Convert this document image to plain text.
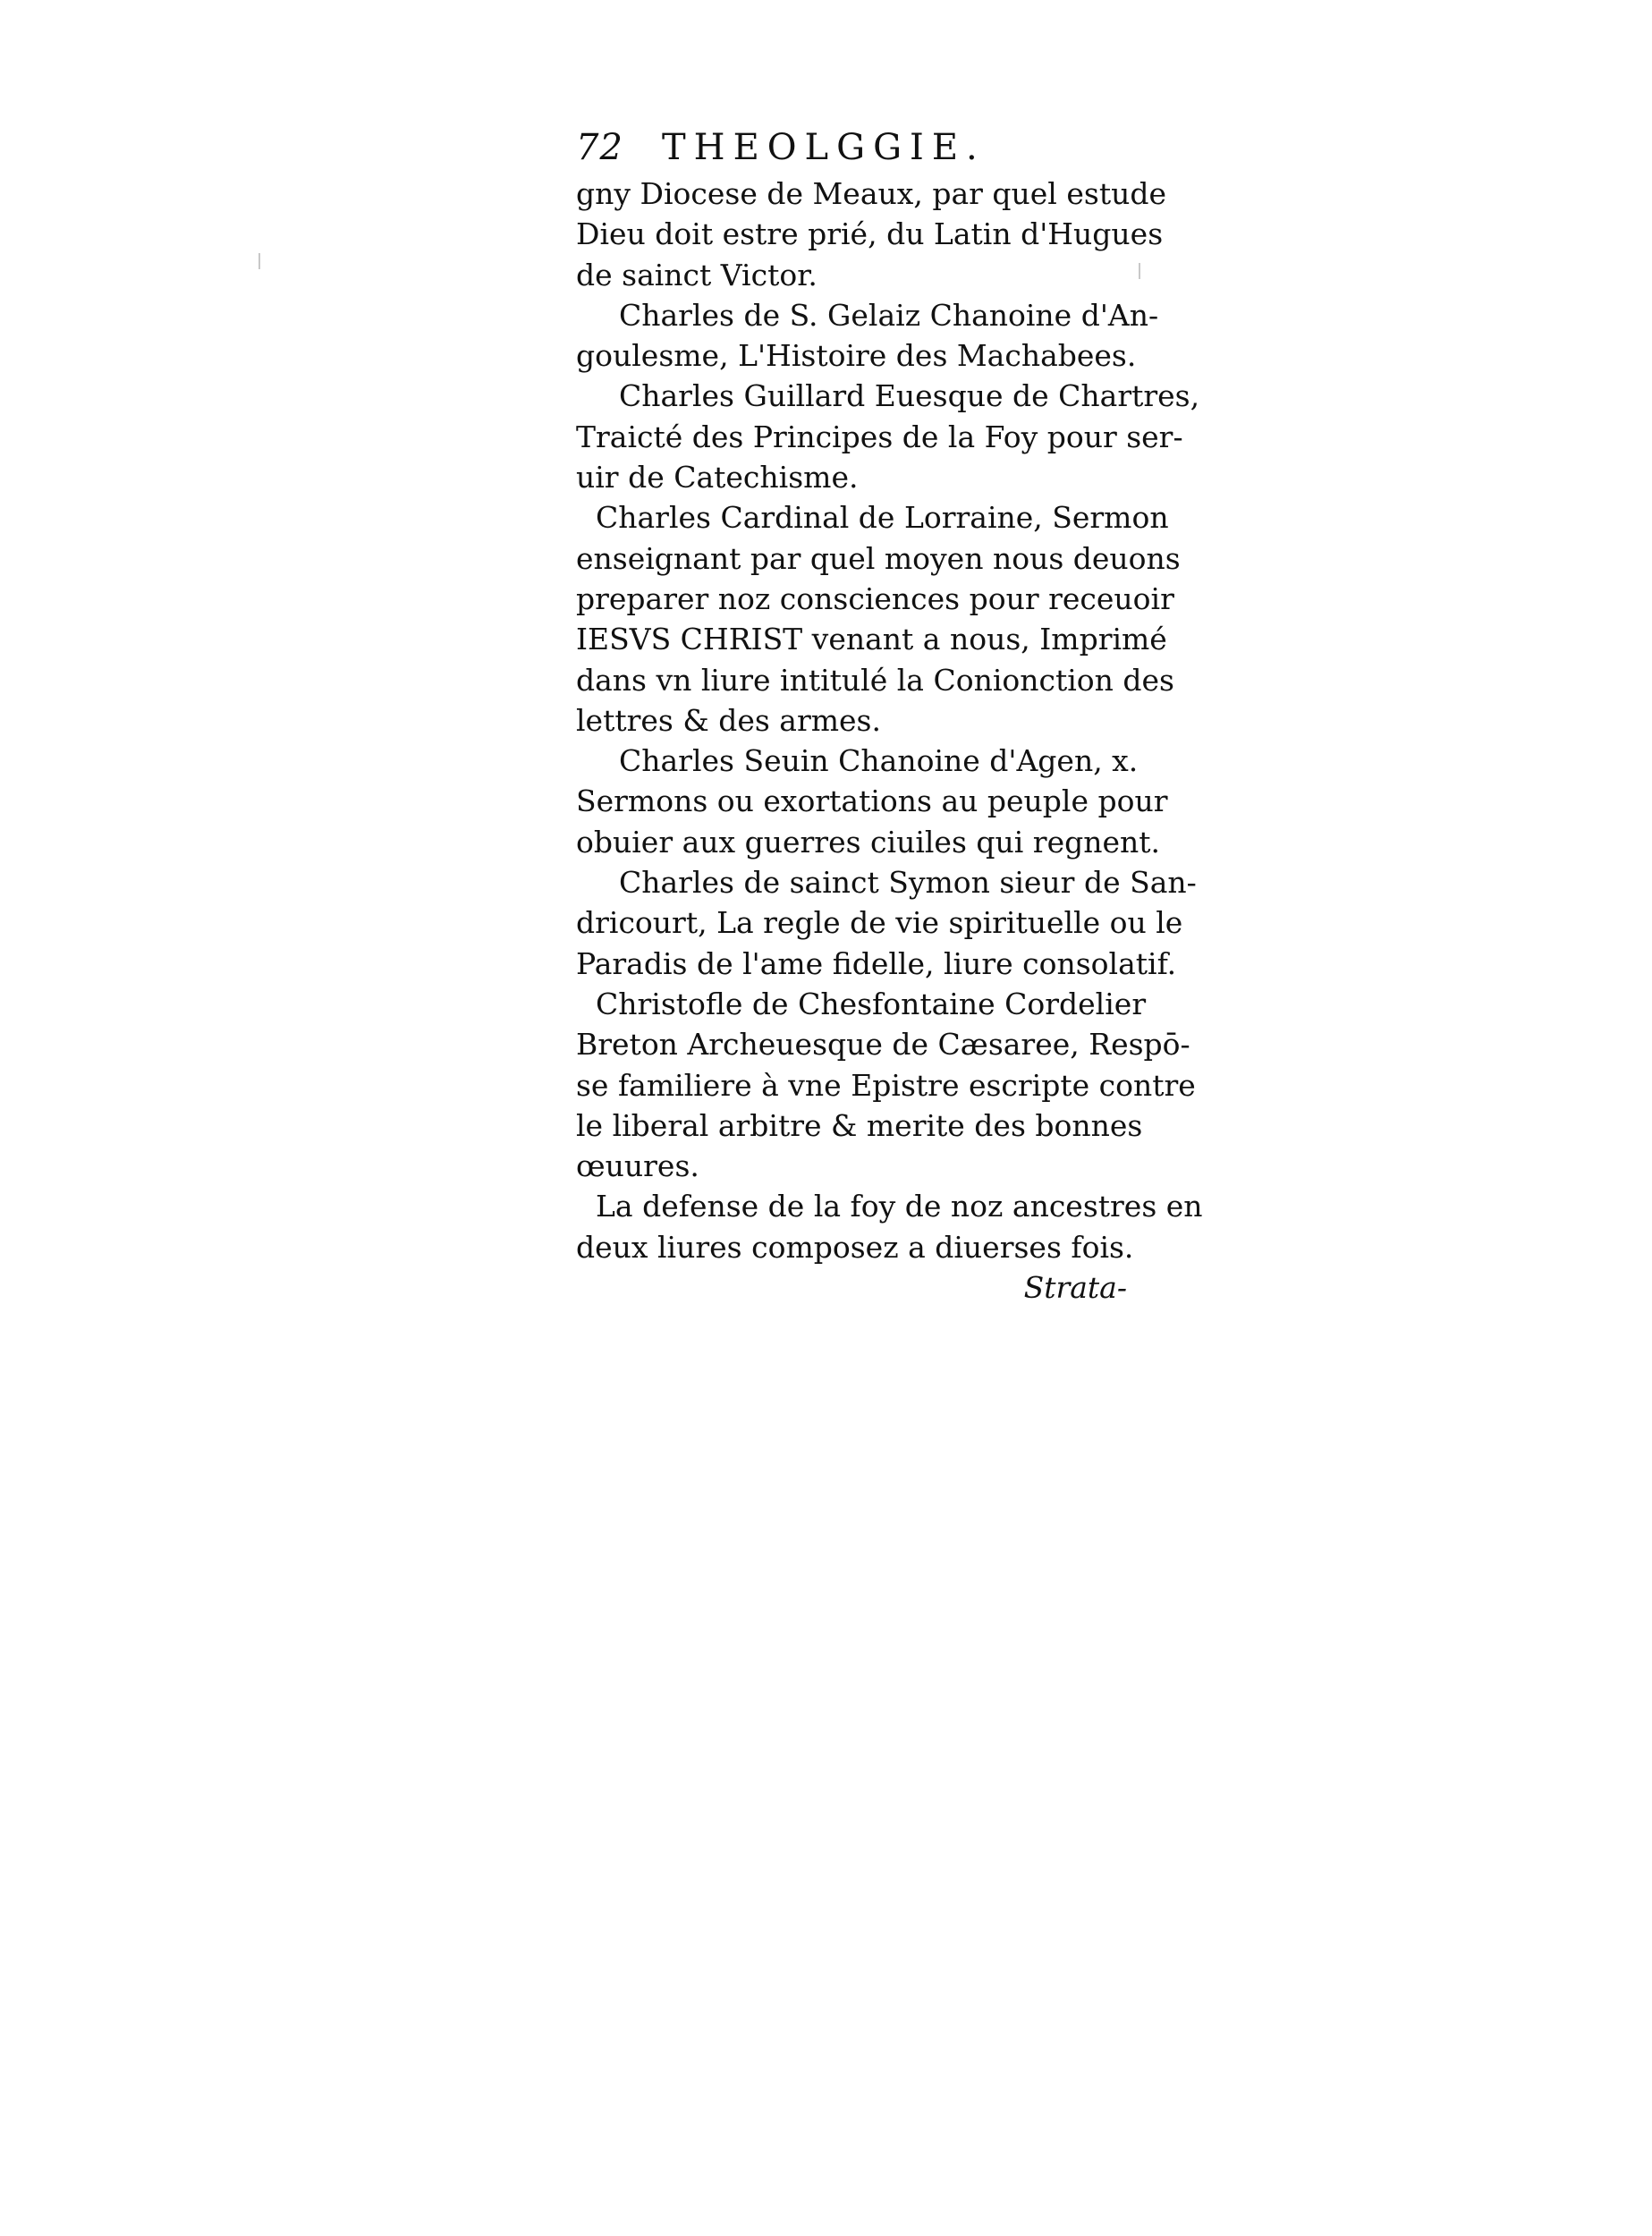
72 THEOLGGIE.
gny Diocese de Meaux, par quel estude
Dieu doit estre prié, du Latin d'Hugues
de sainct Victor.
Charles de S. Gelaiz Chanoine d'An-
goulesme, L'Histoire des Machabees.
Charles Guillard Euesque de Chartres,
Traicté des Principes de la Foy pour ser-
uir de Catechisme.
Charles Cardinal de Lorraine, Sermon
enseignant par quel moyen nous deuons
preparer noz consciences pour receuoir
IESVS CHRIST venant a nous, Imprimé
dans vn liure intitulé la Conionction des
lettres & des armes.
Charles Seuin Chanoine d'Agen, x.
Sermons ou exortations au peuple pour
obuier aux guerres ciuiles qui regnent.
Charles de sainct Symon sieur de San-
dricourt, La regle de vie spirituelle ou le
Paradis de l'ame fidelle, liure consolatif.
Christofle de Chesfontaine Cordelier
Breton Archeuesque de Cæsaree, Respō-
se familiere à vne Epistre escripte contre
le liberal arbitre & merite des bonnes
œuures.
La defense de la foy de noz ancestres en
deux liures composez a diuerses fois.
Strata-
